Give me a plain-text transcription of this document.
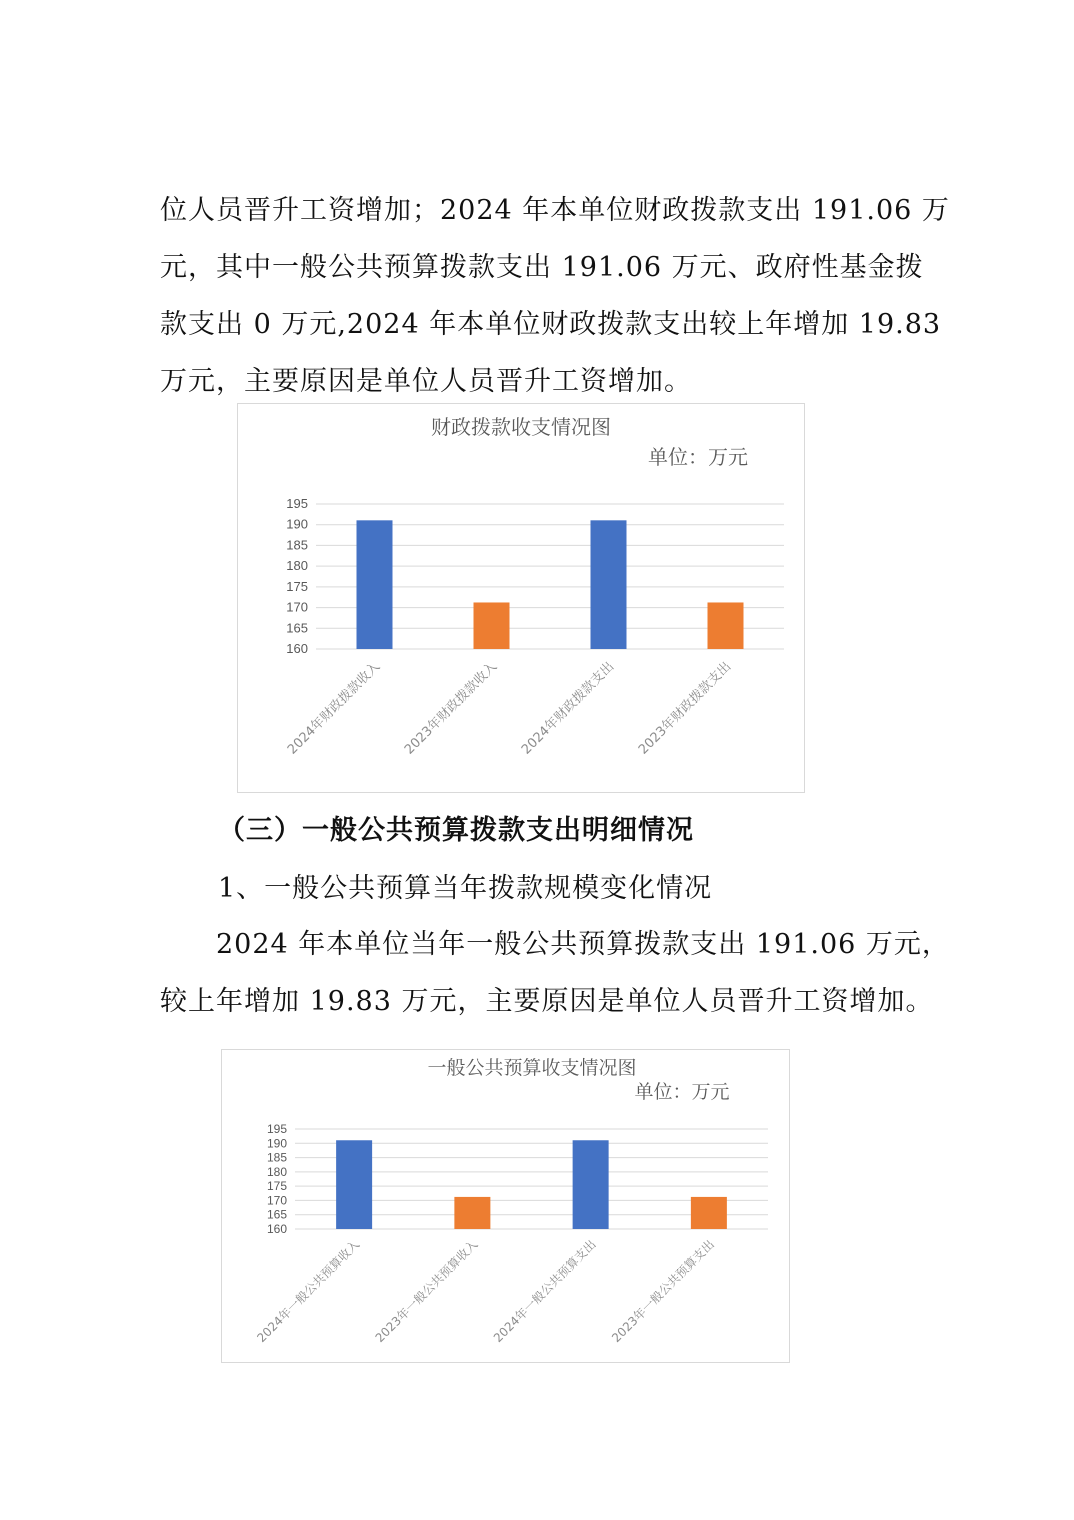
位人员晋升工资增加；2024 年本单位财政拨款支出 191.06 万
元，其中一般公共预算拨款支出 191.06 万元、政府性基金拨
款支出 0 万元,2024 年本单位财政拨款支出较上年增加 19.83
万元，主要原因是单位人员晋升工资增加。
财政拨款收支情况图
单位：万元
160
165
170
175
180
185
190
195
2024年财政拨款收入 2023年财政拨款收入 2024年财政拨款支出 2023年财政拨款支出
（三）一般公共预算拨款支出明细情况
1、一般公共预算当年拨款规模变化情况
2024 年本单位当年一般公共预算拨款支出 191.06 万元，
较上年增加 19.83 万元，主要原因是单位人员晋升工资增加。
一般公共预算收支情况图
单位：万元
160
165
170
175
180
185
190
195
2024年一般公共预算收入 2023年一般公共预算收入 2024年一般公共预算支出 2023年一般公共预算支出
